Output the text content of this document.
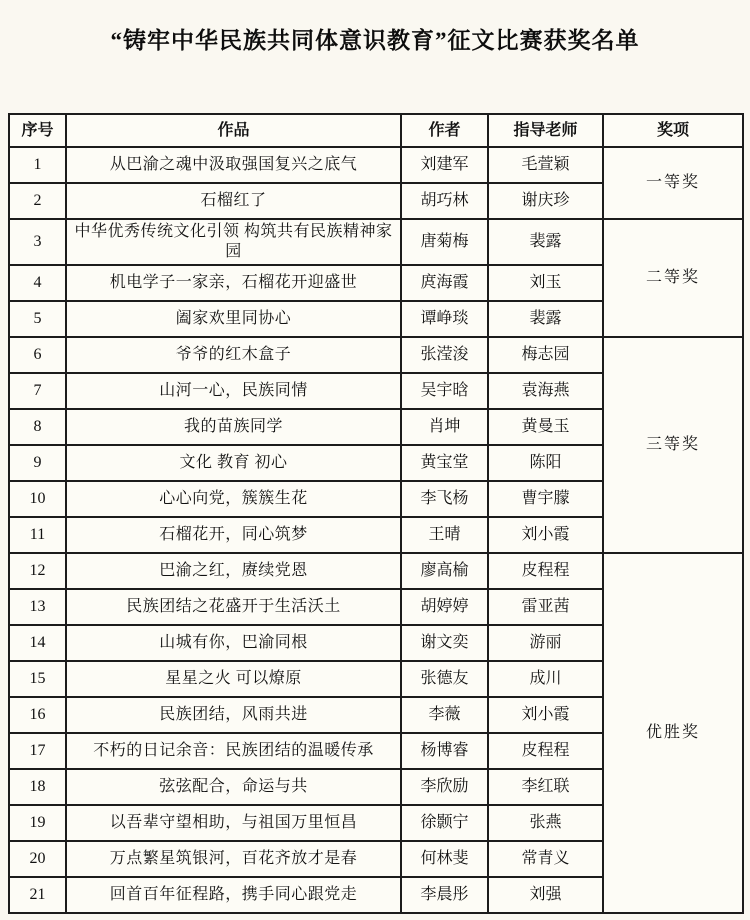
“铸牢中华民族共同体意识教育”征文比赛获奖名单
序号	作品	作者	指导老师	奖项
1	从巴渝之魂中汲取强国复兴之底气	刘建军	毛萱颖	一等奖
2	石榴红了	胡巧林	谢庆珍	
3	中华优秀传统文化引领 构筑共有民族精神家园	唐菊梅	裴露	二等奖
4	机电学子一家亲，石榴花开迎盛世	庹海霞	刘玉	
5	阖家欢里同协心	谭峥琰	裴露	
6	爷爷的红木盒子	张滢浚	梅志园	三等奖
7	山河一心，民族同情	吴宇晗	袁海燕	
8	我的苗族同学	肖坤	黄曼玉	
9	文化 教育 初心	黄宝堂	陈阳	
10	心心向党，簇簇生花	李飞杨	曹宇朦	
11	石榴花开，同心筑梦	王晴	刘小霞	
12	巴渝之红，赓续党恩	廖高榆	皮程程	优胜奖
13	民族团结之花盛开于生活沃土	胡婷婷	雷亚茜	
14	山城有你，巴渝同根	谢文奕	游丽	
15	星星之火 可以燎原	张德友	成川	
16	民族团结，风雨共进	李薇	刘小霞	
17	不朽的日记余音：民族团结的温暖传承	杨博睿	皮程程	
18	弦弦配合，命运与共	李欣励	李红联	
19	以吾辈守望相助，与祖国万里恒昌	徐颢宁	张燕	
20	万点繁星筑银河，百花齐放才是春	何林斐	常青义	
21	回首百年征程路，携手同心跟党走	李晨彤	刘强	
